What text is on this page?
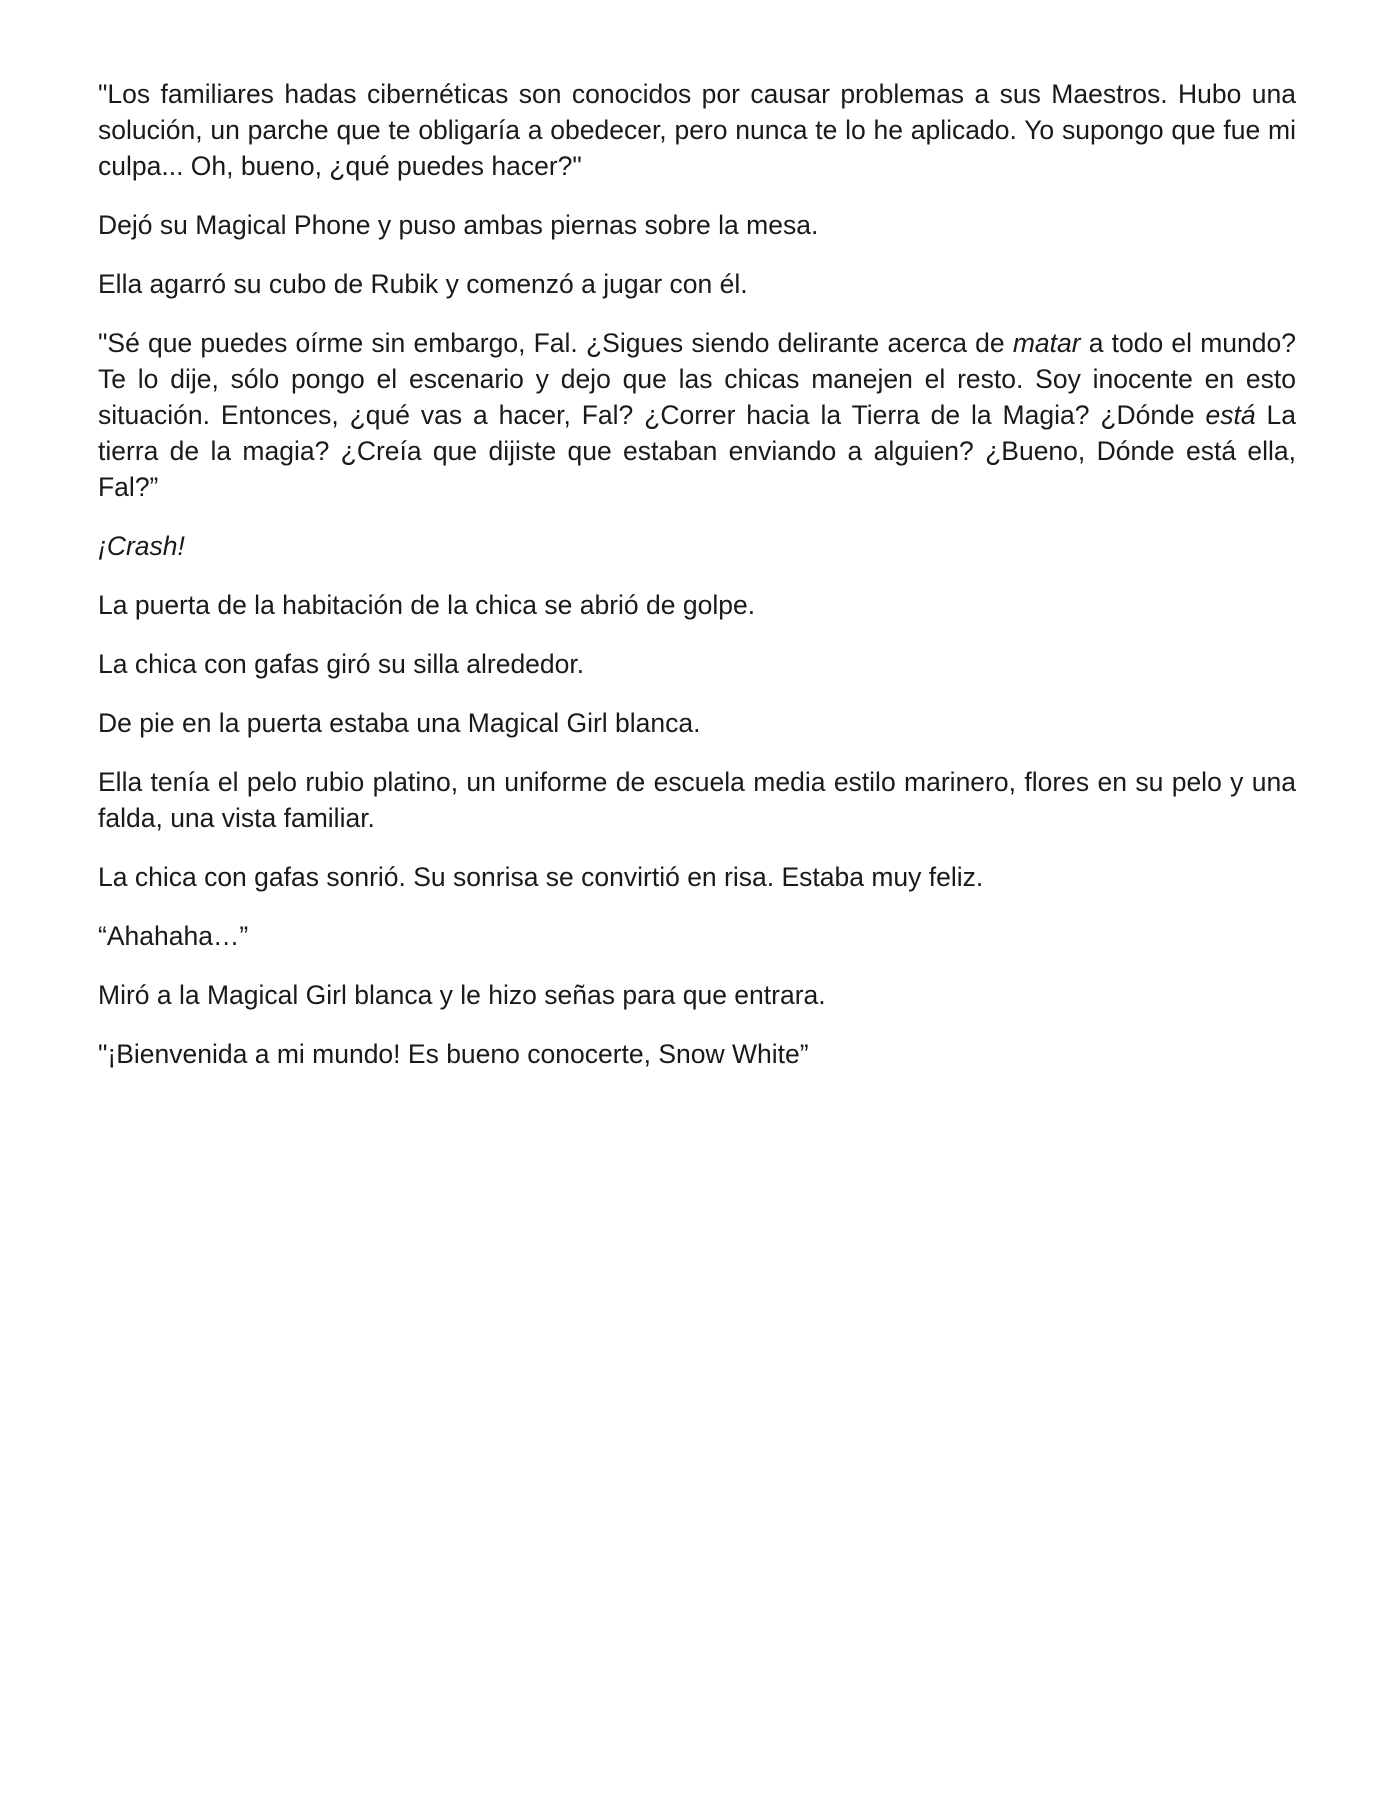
"Los familiares hadas cibernéticas son conocidos por causar problemas a sus Maestros. Hubo una solución, un parche que te obligaría a obedecer, pero nunca te lo he aplicado. Yo supongo que fue mi culpa... Oh, bueno, ¿qué puedes hacer?"

Dejó su Magical Phone y puso ambas piernas sobre la mesa.

Ella agarró su cubo de Rubik y comenzó a jugar con él.

"Sé que puedes oírme sin embargo, Fal. ¿Sigues siendo delirante acerca de matar a todo el mundo? Te lo dije, sólo pongo el escenario y dejo que las chicas manejen el resto. Soy inocente en esto situación. Entonces, ¿qué vas a hacer, Fal? ¿Correr hacia la Tierra de la Magia? ¿Dónde está La tierra de la magia? ¿Creía que dijiste que estaban enviando a alguien? ¿Bueno, Dónde está ella, Fal?”

¡Crash!

La puerta de la habitación de la chica se abrió de golpe.

La chica con gafas giró su silla alrededor.

De pie en la puerta estaba una Magical Girl blanca.

Ella tenía el pelo rubio platino, un uniforme de escuela media estilo marinero, flores en su pelo y una falda, una vista familiar.

La chica con gafas sonrió. Su sonrisa se convirtió en risa. Estaba muy feliz.

“Ahahaha…”

Miró a la Magical Girl blanca y le hizo señas para que entrara.

"¡Bienvenida a mi mundo! Es bueno conocerte, Snow White”
